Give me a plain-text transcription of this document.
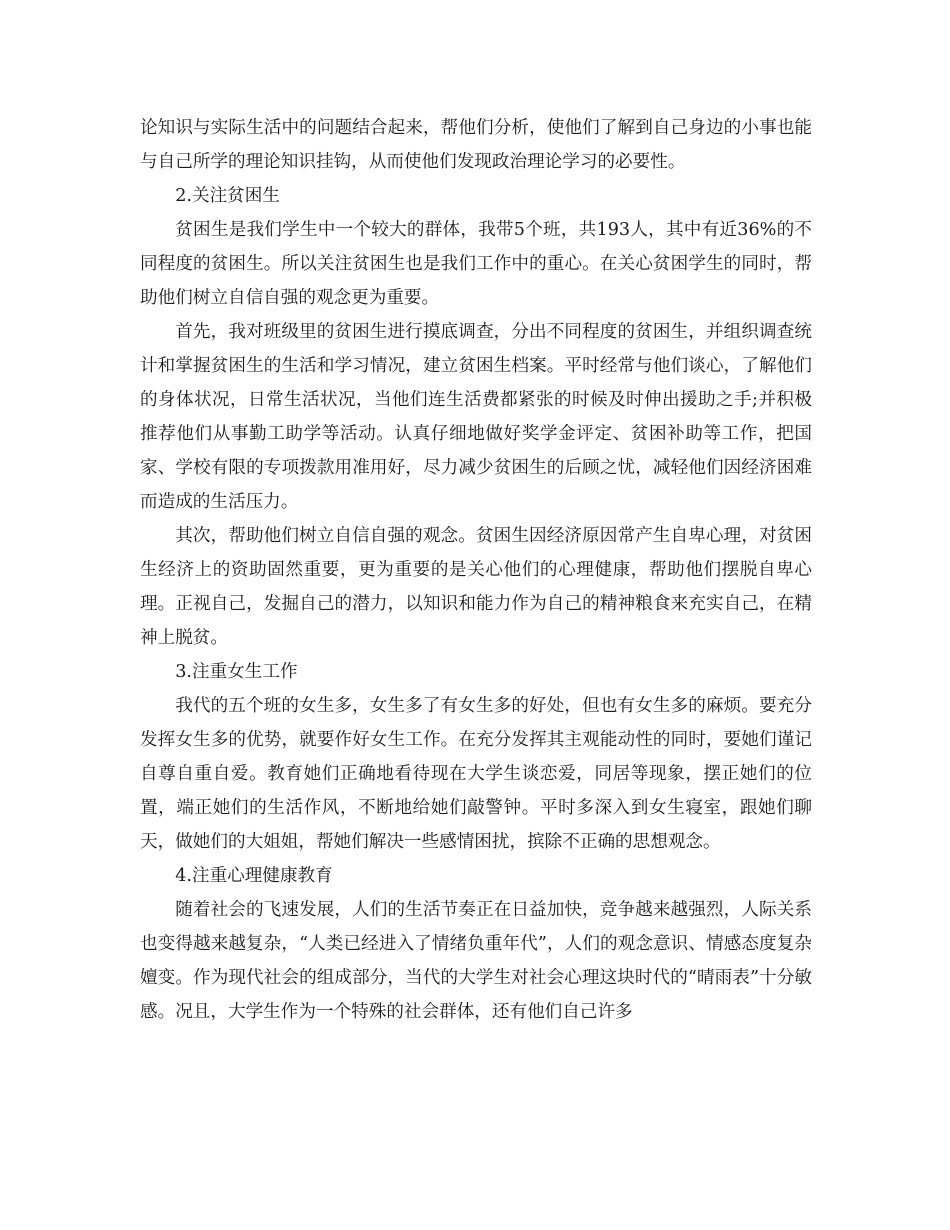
论知识与实际生活中的问题结合起来，帮他们分析，使他们了解到自己身边的小事也能与自己所学的理论知识挂钩，从而使他们发现政治理论学习的必要性。

2.关注贫困生

贫困生是我们学生中一个较大的群体，我带5个班，共193人，其中有近36%的不同程度的贫困生。所以关注贫困生也是我们工作中的重心。在关心贫困学生的同时，帮助他们树立自信自强的观念更为重要。

首先，我对班级里的贫困生进行摸底调查，分出不同程度的贫困生，并组织调查统计和掌握贫困生的生活和学习情况，建立贫困生档案。平时经常与他们谈心，了解他们的身体状况，日常生活状况，当他们连生活费都紧张的时候及时伸出援助之手;并积极推荐他们从事勤工助学等活动。认真仔细地做好奖学金评定、贫困补助等工作，把国家、学校有限的专项拨款用准用好，尽力减少贫困生的后顾之忧，减轻他们因经济困难而造成的生活压力。

其次，帮助他们树立自信自强的观念。贫困生因经济原因常产生自卑心理，对贫困生经济上的资助固然重要，更为重要的是关心他们的心理健康，帮助他们摆脱自卑心理。正视自己，发掘自己的潜力，以知识和能力作为自己的精神粮食来充实自己，在精神上脱贫。

3.注重女生工作

我代的五个班的女生多，女生多了有女生多的好处，但也有女生多的麻烦。要充分发挥女生多的优势，就要作好女生工作。在充分发挥其主观能动性的同时，要她们谨记自尊自重自爱。教育她们正确地看待现在大学生谈恋爱，同居等现象，摆正她们的位置，端正她们的生活作风，不断地给她们敲警钟。平时多深入到女生寝室，跟她们聊天，做她们的大姐姐，帮她们解决一些感情困扰，摈除不正确的思想观念。

4.注重心理健康教育

随着社会的飞速发展，人们的生活节奏正在日益加快，竞争越来越强烈，人际关系也变得越来越复杂，“人类已经进入了情绪负重年代”，人们的观念意识、情感态度复杂嬗变。作为现代社会的组成部分，当代的大学生对社会心理这块时代的“晴雨表”十分敏感。况且，大学生作为一个特殊的社会群体，还有他们自己许多
